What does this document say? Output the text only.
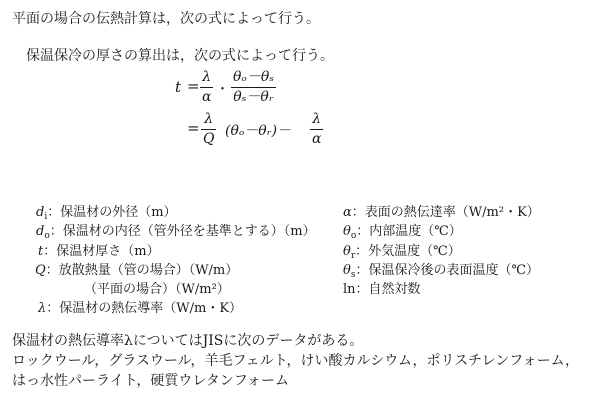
平面の場合の伝熱計算は，次の式によって行う。
保温保冷の厚さの算出は，次の式によって行う。
t = λ
α ・
θₒ－θₛ
θₛ－θᵣ
= λ
Q (θₒ－θᵣ)－
λ
α
$d_i$：保温材の外径（m）
$d_o$：保温材の内径（管外径を基準とする）（m）
t：保温材厚さ（m）
Q：放散熱量（管の場合）（W/m）
（平面の場合）（W/m²）
λ：保温材の熱伝導率（W/m・K）
α：表面の熱伝達率（W/m²・K）
$\theta_o$：内部温度（℃）
$\theta_r$：外気温度（℃）
$\theta_s$：保温保冷後の表面温度（℃）
ln：自然対数
保温材の熱伝導率λについてはJISに次のデータがある。
ロックウール，グラスウール，羊毛フェルト，けい酸カルシウム，ポリスチレンフォーム，
はっ水性パーライト，硬質ウレタンフォーム
